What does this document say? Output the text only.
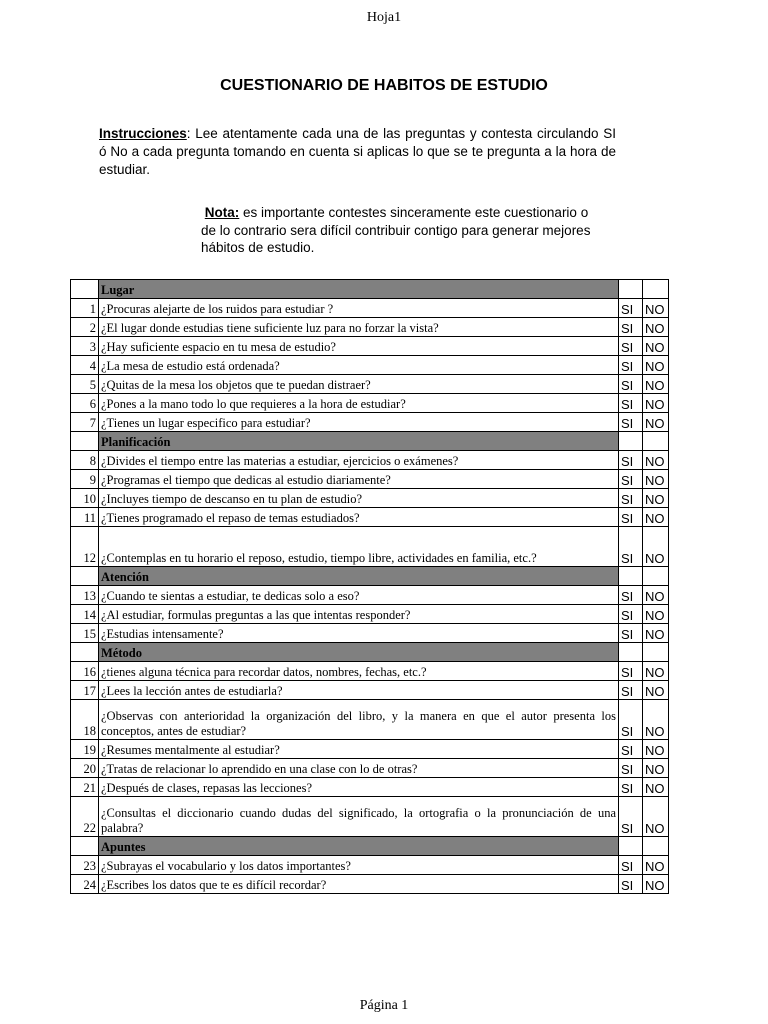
Hoja1
CUESTIONARIO DE HABITOS DE ESTUDIO
Instrucciones: Lee atentamente cada una de las preguntas y contesta circulando SI ó No a cada pregunta tomando en cuenta si aplicas lo que se te pregunta a la hora de estudiar.
Nota: es importante contestes sinceramente este cuestionario o de lo contrario sera difícil contribuir contigo para generar mejores hábitos de estudio.
	Lugar		
1	¿Procuras alejarte de los ruidos para estudiar ?	SI	NO
2	¿El lugar donde estudias tiene suficiente luz para no forzar la vista?	SI	NO
3	¿Hay suficiente espacio en tu mesa de estudio?	SI	NO
4	¿La mesa de estudio está ordenada?	SI	NO
5	¿Quitas de la mesa los objetos que te puedan distraer?	SI	NO
6	¿Pones a la mano todo lo que requieres a la hora de estudiar?	SI	NO
7	¿Tienes un lugar especifico para estudiar?	SI	NO
	Planificación		
8	¿Divides el tiempo entre las materias a estudiar, ejercicios o exámenes?	SI	NO
9	¿Programas el tiempo que dedicas al estudio diariamente?	SI	NO
10	¿Incluyes tiempo de descanso en tu plan de estudio?	SI	NO
11	¿Tienes programado el repaso de temas estudiados?	SI	NO
12	¿Contemplas en tu horario el reposo, estudio, tiempo libre, actividades en familia, etc.?	SI	NO
	Atención		
13	¿Cuando te sientas a estudiar, te dedicas solo a eso?	SI	NO
14	¿Al estudiar, formulas preguntas a las que intentas responder?	SI	NO
15	¿Estudias intensamente?	SI	NO
	Método		
16	¿tienes alguna técnica para recordar datos, nombres, fechas, etc.?	SI	NO
17	¿Lees la lección antes de estudiarla?	SI	NO
18	¿Observas con anterioridad la organización del libro, y la manera en que el autor presenta los conceptos, antes de estudiar?	SI	NO
19	¿Resumes mentalmente al estudiar?	SI	NO
20	¿Tratas de relacionar lo aprendido en una clase con lo de otras?	SI	NO
21	¿Después de clases, repasas las lecciones?	SI	NO
22	¿Consultas el diccionario cuando dudas del significado, la ortografia o la pronunciación de una palabra?	SI	NO
	Apuntes		
23	¿Subrayas el vocabulario y los datos importantes?	SI	NO
24	¿Escribes los datos que te es difícil recordar?	SI	NO
Página 1
